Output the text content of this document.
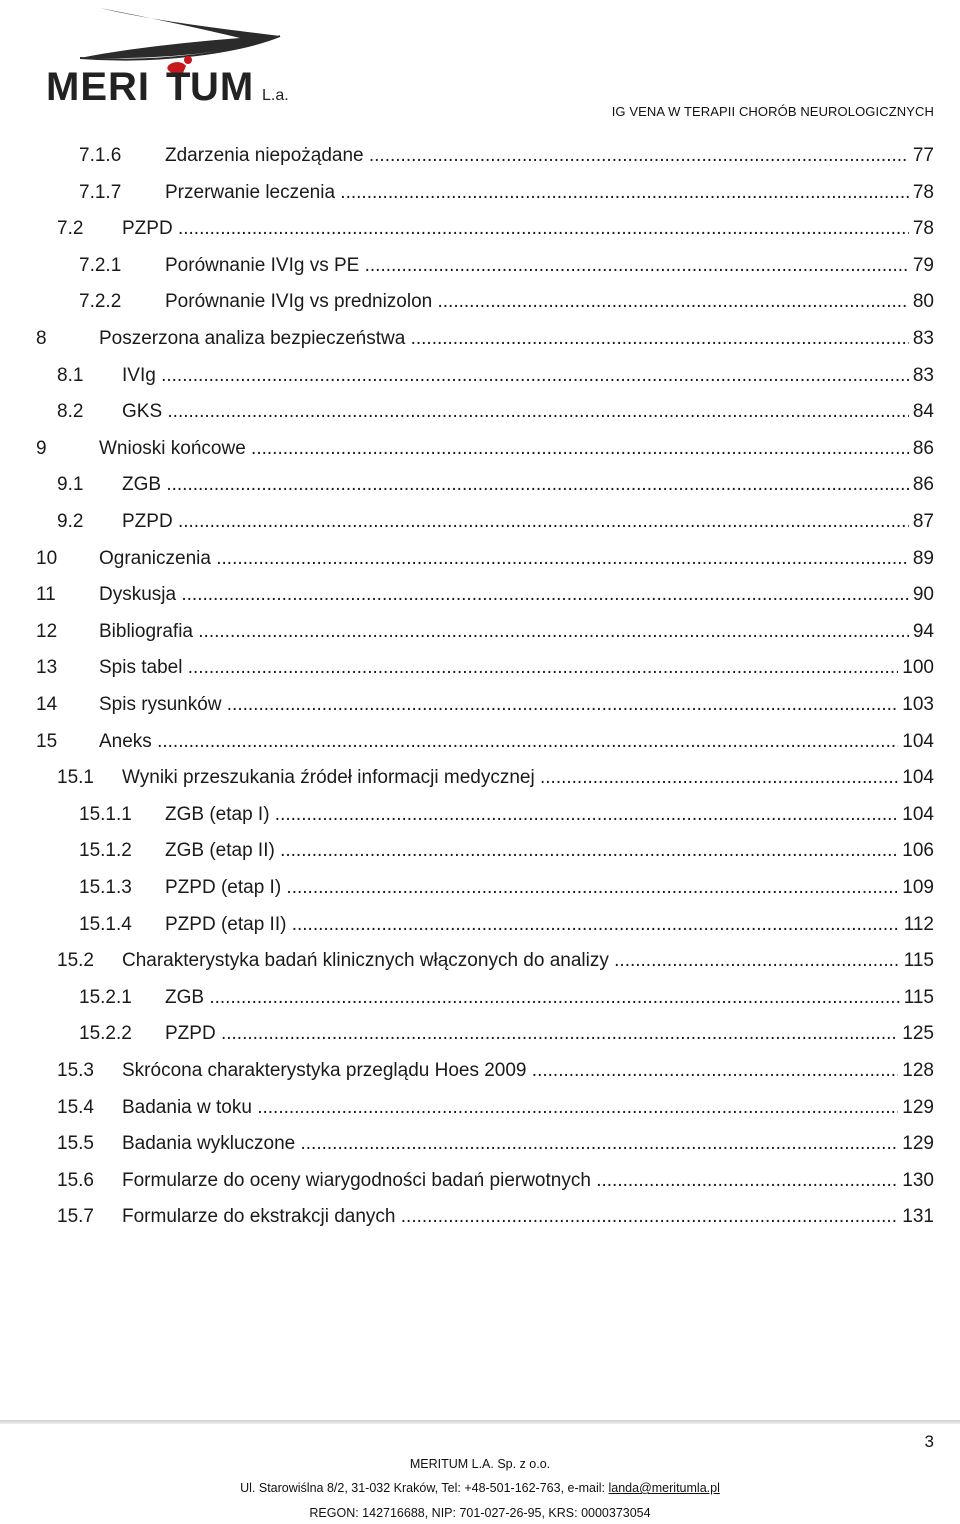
MERI T UM L.a.
IG VENA W TERAPII CHORÓB NEUROLOGICZNYCH
7.1.6 Zdarzenia niepożądane .....	77
7.1.7 Przerwanie leczenia .....	78
7.2 PZPD .....	78
7.2.1 Porównanie IVIg vs PE .....	79
7.2.2 Porównanie IVIg vs prednizolon .....	80
8	Poszerzona analiza bezpieczeństwa .....	83
8.1 IVIg .....	83
8.2 GKS .....	84
9	Wnioski końcowe .....	86
9.1 ZGB .....	86
9.2 PZPD .....	87
10 Ograniczenia .....	89
11 Dyskusja .....	90
12 Bibliografia .....	94
13 Spis tabel .....	100
14 Spis rysunków .....	103
15 Aneks .....	104
15.1 Wyniki przeszukania źródeł informacji medycznej .....	104
15.1.1 ZGB (etap I) .....	104
15.1.2 ZGB (etap II) .....	106
15.1.3 PZPD (etap I) .....	109
15.1.4 PZPD (etap II) .....	112
15.2 Charakterystyka badań klinicznych włączonych do analizy .....	115
15.2.1 ZGB .....	115
15.2.2 PZPD .....	125
15.3 Skrócona charakterystyka przeglądu Hoes 2009 .....	128
15.4 Badania w toku .....	129
15.5 Badania wykluczone .....	129
15.6 Formularze do oceny wiarygodności badań pierwotnych .....	130
15.7 Formularze do ekstrakcji danych .....	131
3
MERITUM L.A. Sp. z o.o.
Ul. Starowiślna 8/2, 31-032 Kraków, Tel: +48-501-162-763, e-mail: landa@meritumla.pl
REGON: 142716688, NIP: 701-027-26-95, KRS: 0000373054
